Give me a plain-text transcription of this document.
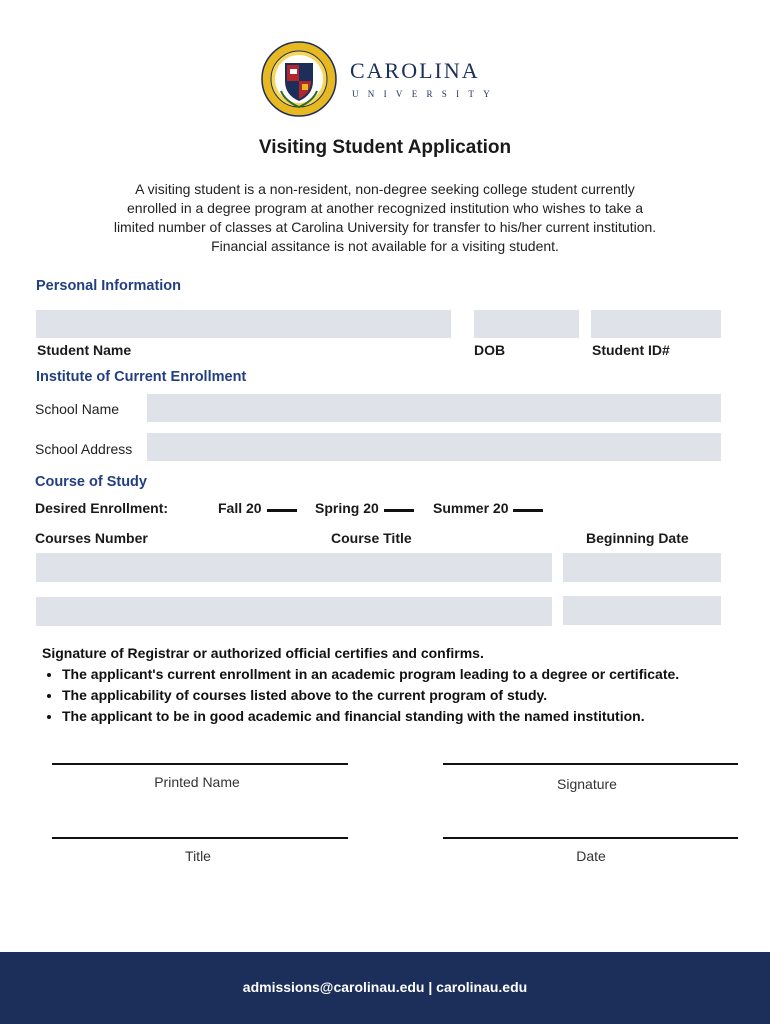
CAROLINA
UNIVERSITY
Visiting Student Application
A visiting student is a non-resident, non-degree seeking college student currently
enrolled in a degree program at another recognized institution who wishes to take a
limited number of classes at Carolina University for transfer to his/her current institution.
Financial assitance is not available for a visiting student.
Personal Information
Student Name	DOB	Student ID#
Institute of Current Enrollment
School Name
School Address
Course of Study
Desired Enrollment:	Fall 20	Spring 20	Summer 20
Courses Number	Course Title	Beginning Date
Signature of Registrar or authorized official certifies and confirms.
• The applicant's current enrollment in an academic program leading to a degree or certificate.
• The applicability of courses listed above to the current program of study.
• The applicant to be in good academic and financial standing with the named institution.
Printed Name	Signature
Title	Date
admissions@carolinau.edu | carolinau.edu
